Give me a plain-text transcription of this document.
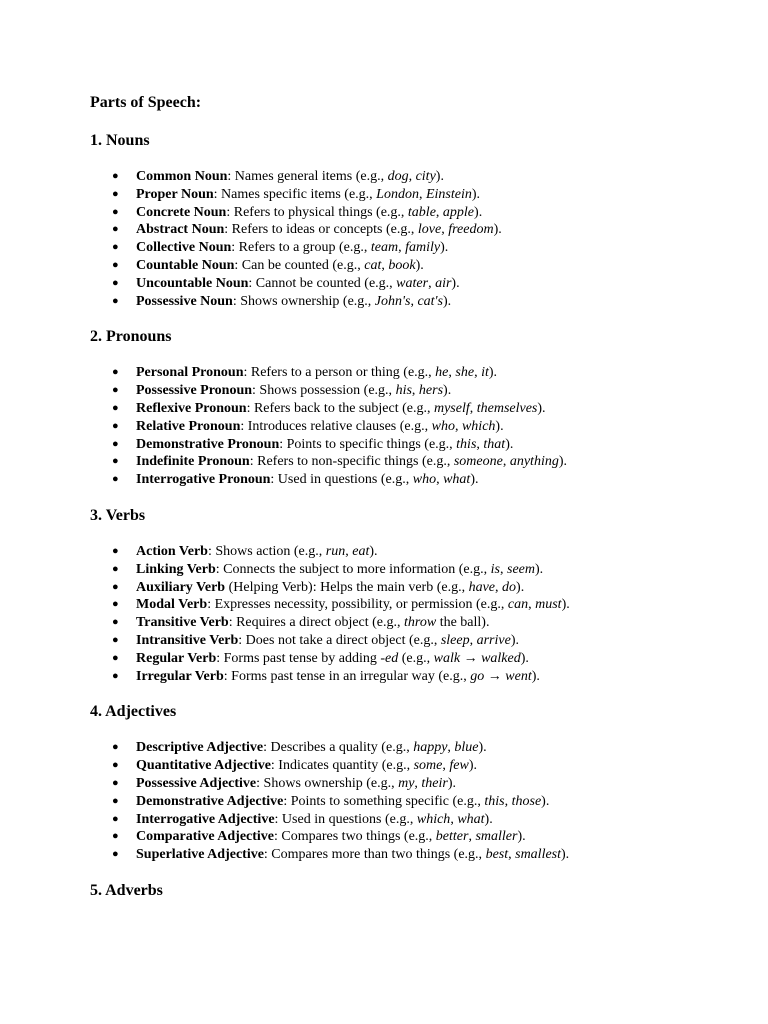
Parts of Speech:
1. Nouns
● Common Noun: Names general items (e.g., dog, city).
● Proper Noun: Names specific items (e.g., London, Einstein).
● Concrete Noun: Refers to physical things (e.g., table, apple).
● Abstract Noun: Refers to ideas or concepts (e.g., love, freedom).
● Collective Noun: Refers to a group (e.g., team, family).
● Countable Noun: Can be counted (e.g., cat, book).
● Uncountable Noun: Cannot be counted (e.g., water, air).
● Possessive Noun: Shows ownership (e.g., John's, cat's).
2. Pronouns
● Personal Pronoun: Refers to a person or thing (e.g., he, she, it).
● Possessive Pronoun: Shows possession (e.g., his, hers).
● Reflexive Pronoun: Refers back to the subject (e.g., myself, themselves).
● Relative Pronoun: Introduces relative clauses (e.g., who, which).
● Demonstrative Pronoun: Points to specific things (e.g., this, that).
● Indefinite Pronoun: Refers to non-specific things (e.g., someone, anything).
● Interrogative Pronoun: Used in questions (e.g., who, what).
3. Verbs
● Action Verb: Shows action (e.g., run, eat).
● Linking Verb: Connects the subject to more information (e.g., is, seem).
● Auxiliary Verb (Helping Verb): Helps the main verb (e.g., have, do).
● Modal Verb: Expresses necessity, possibility, or permission (e.g., can, must).
● Transitive Verb: Requires a direct object (e.g., throw the ball).
● Intransitive Verb: Does not take a direct object (e.g., sleep, arrive).
● Regular Verb: Forms past tense by adding -ed (e.g., walk → walked).
● Irregular Verb: Forms past tense in an irregular way (e.g., go → went).
4. Adjectives
● Descriptive Adjective: Describes a quality (e.g., happy, blue).
● Quantitative Adjective: Indicates quantity (e.g., some, few).
● Possessive Adjective: Shows ownership (e.g., my, their).
● Demonstrative Adjective: Points to something specific (e.g., this, those).
● Interrogative Adjective: Used in questions (e.g., which, what).
● Comparative Adjective: Compares two things (e.g., better, smaller).
● Superlative Adjective: Compares more than two things (e.g., best, smallest).
5. Adverbs
